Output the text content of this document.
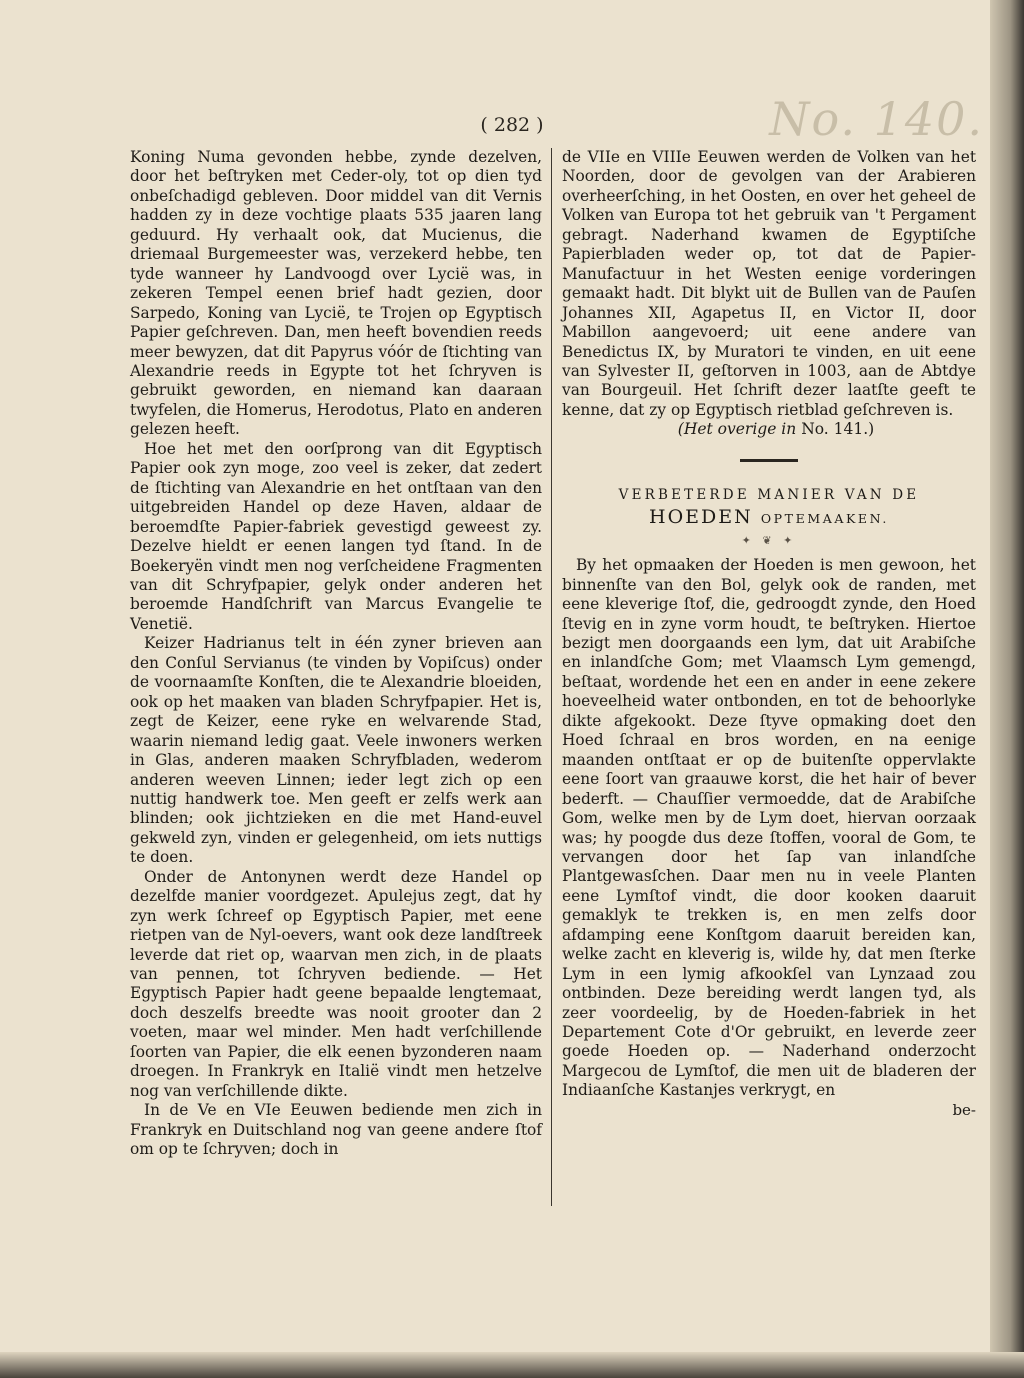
No. 140.
( 282 )

Koning Numa gevonden hebbe, zynde dezelven, door het beſtryken met Ceder-oly, tot op dien tyd onbeſchadigd gebleven. Door middel van dit Vernis hadden zy in deze vochtige plaats 535 jaaren lang geduurd. Hy verhaalt ook, dat Mucienus, die driemaal Burgemeester was, verzekerd hebbe, ten tyde wanneer hy Landvoogd over Lycië was, in zekeren Tempel eenen brief hadt gezien, door Sarpedo, Koning van Lycië, te Trojen op Egyptisch Papier geſchreven. Dan, men heeft bovendien reeds meer bewyzen, dat dit Papyrus vóór de ſtichting van Alexandrie reeds in Egypte tot het ſchryven is gebruikt geworden, en niemand kan daaraan twyfelen, die Homerus, Herodotus, Plato en anderen gelezen heeft.

Hoe het met den oorſprong van dit Egyptisch Papier ook zyn moge, zoo veel is zeker, dat zedert de ſtichting van Alexandrie en het ontſtaan van den uitgebreiden Handel op deze Haven, aldaar de beroemdſte Papier-fabriek gevestigd geweest zy. Dezelve hieldt er eenen langen tyd ſtand. In de Boekeryën vindt men nog verſcheidene Fragmenten van dit Schryfpapier, gelyk onder anderen het beroemde Handſchrift van Marcus Evangelie te Venetië.

Keizer Hadrianus telt in één zyner brieven aan den Conſul Servianus (te vinden by Vopiſcus) onder de voornaamſte Konſten, die te Alexandrie bloeiden, ook op het maaken van bladen Schryfpapier. Het is, zegt de Keizer, eene ryke en welvarende Stad, waarin niemand ledig gaat. Veele inwoners werken in Glas, anderen maaken Schryfbladen, wederom anderen weeven Linnen; ieder legt zich op een nuttig handwerk toe. Men geeft er zelfs werk aan blinden; ook jichtzieken en die met Hand-euvel gekweld zyn, vinden er gelegenheid, om iets nuttigs te doen.

Onder de Antonynen werdt deze Handel op dezelfde manier voordgezet. Apulejus zegt, dat hy zyn werk ſchreef op Egyptisch Papier, met eene rietpen van de Nyl-oevers, want ook deze landſtreek leverde dat riet op, waarvan men zich, in de plaats van pennen, tot ſchryven bediende. — Het Egyptisch Papier hadt geene bepaalde lengtemaat, doch deszelfs breedte was nooit grooter dan 2 voeten, maar wel minder. Men hadt verſchillende ſoorten van Papier, die elk eenen byzonderen naam droegen. In Frankryk en Italië vindt men hetzelve nog van verſchillende dikte.

In de Ve en VIe Eeuwen bediende men zich in Frankryk en Duitschland nog van geene andere ſtof om op te ſchryven; doch in

de VIIe en VIIIe Eeuwen werden de Volken van het Noorden, door de gevolgen van der Arabieren overheerſching, in het Oosten, en over het geheel de Volken van Europa tot het gebruik van 't Pergament gebragt. Naderhand kwamen de Egyptiſche Papierbladen weder op, tot dat de Papier-Manufactuur in het Westen eenige vorderingen gemaakt hadt. Dit blykt uit de Bullen van de Pauſen Johannes XII, Agapetus II, en Victor II, door Mabillon aangevoerd; uit eene andere van Benedictus IX, by Muratori te vinden, en uit eene van Sylvester II, geſtorven in 1003, aan de Abtdye van Bourgeuil. Het ſchrift dezer laatſte geeft te kenne, dat zy op Egyptisch rietblad geſchreven is.

(Het overige in No. 141.)

VERBETERDE MANIER VAN DE
HOEDEN OPTEMAAKEN.
✦ ❦ ✦

By het opmaaken der Hoeden is men gewoon, het binnenſte van den Bol, gelyk ook de randen, met eene kleverige ſtof, die, gedroogdt zynde, den Hoed ſtevig en in zyne vorm houdt, te beſtryken. Hiertoe bezigt men doorgaands een lym, dat uit Arabiſche en inlandſche Gom; met Vlaamsch Lym gemengd, beſtaat, wordende het een en ander in eene zekere hoeveelheid water ontbonden, en tot de behoorlyke dikte afgekookt. Deze ſtyve opmaking doet den Hoed ſchraal en bros worden, en na eenige maanden ontſtaat er op de buitenſte oppervlakte eene ſoort van graauwe korst, die het hair of bever bederft. — Chauſſier vermoedde, dat de Arabiſche Gom, welke men by de Lym doet, hiervan oorzaak was; hy poogde dus deze ſtoffen, vooral de Gom, te vervangen door het ſap van inlandſche Plantgewasſchen. Daar men nu in veele Planten eene Lymſtof vindt, die door kooken daaruit gemaklyk te trekken is, en men zelfs door afdamping eene Konſtgom daaruit bereiden kan, welke zacht en kleverig is, wilde hy, dat men ſterke Lym in een lymig afkookſel van Lynzaad zou ontbinden. Deze bereiding werdt langen tyd, als zeer voordeelig, by de Hoeden-fabriek in het Departement Cote d'Or gebruikt, en leverde zeer goede Hoeden op. — Naderhand onderzocht Margecou de Lymſtof, die men uit de bladeren der Indiaanſche Kastanjes verkrygt, en

be-
